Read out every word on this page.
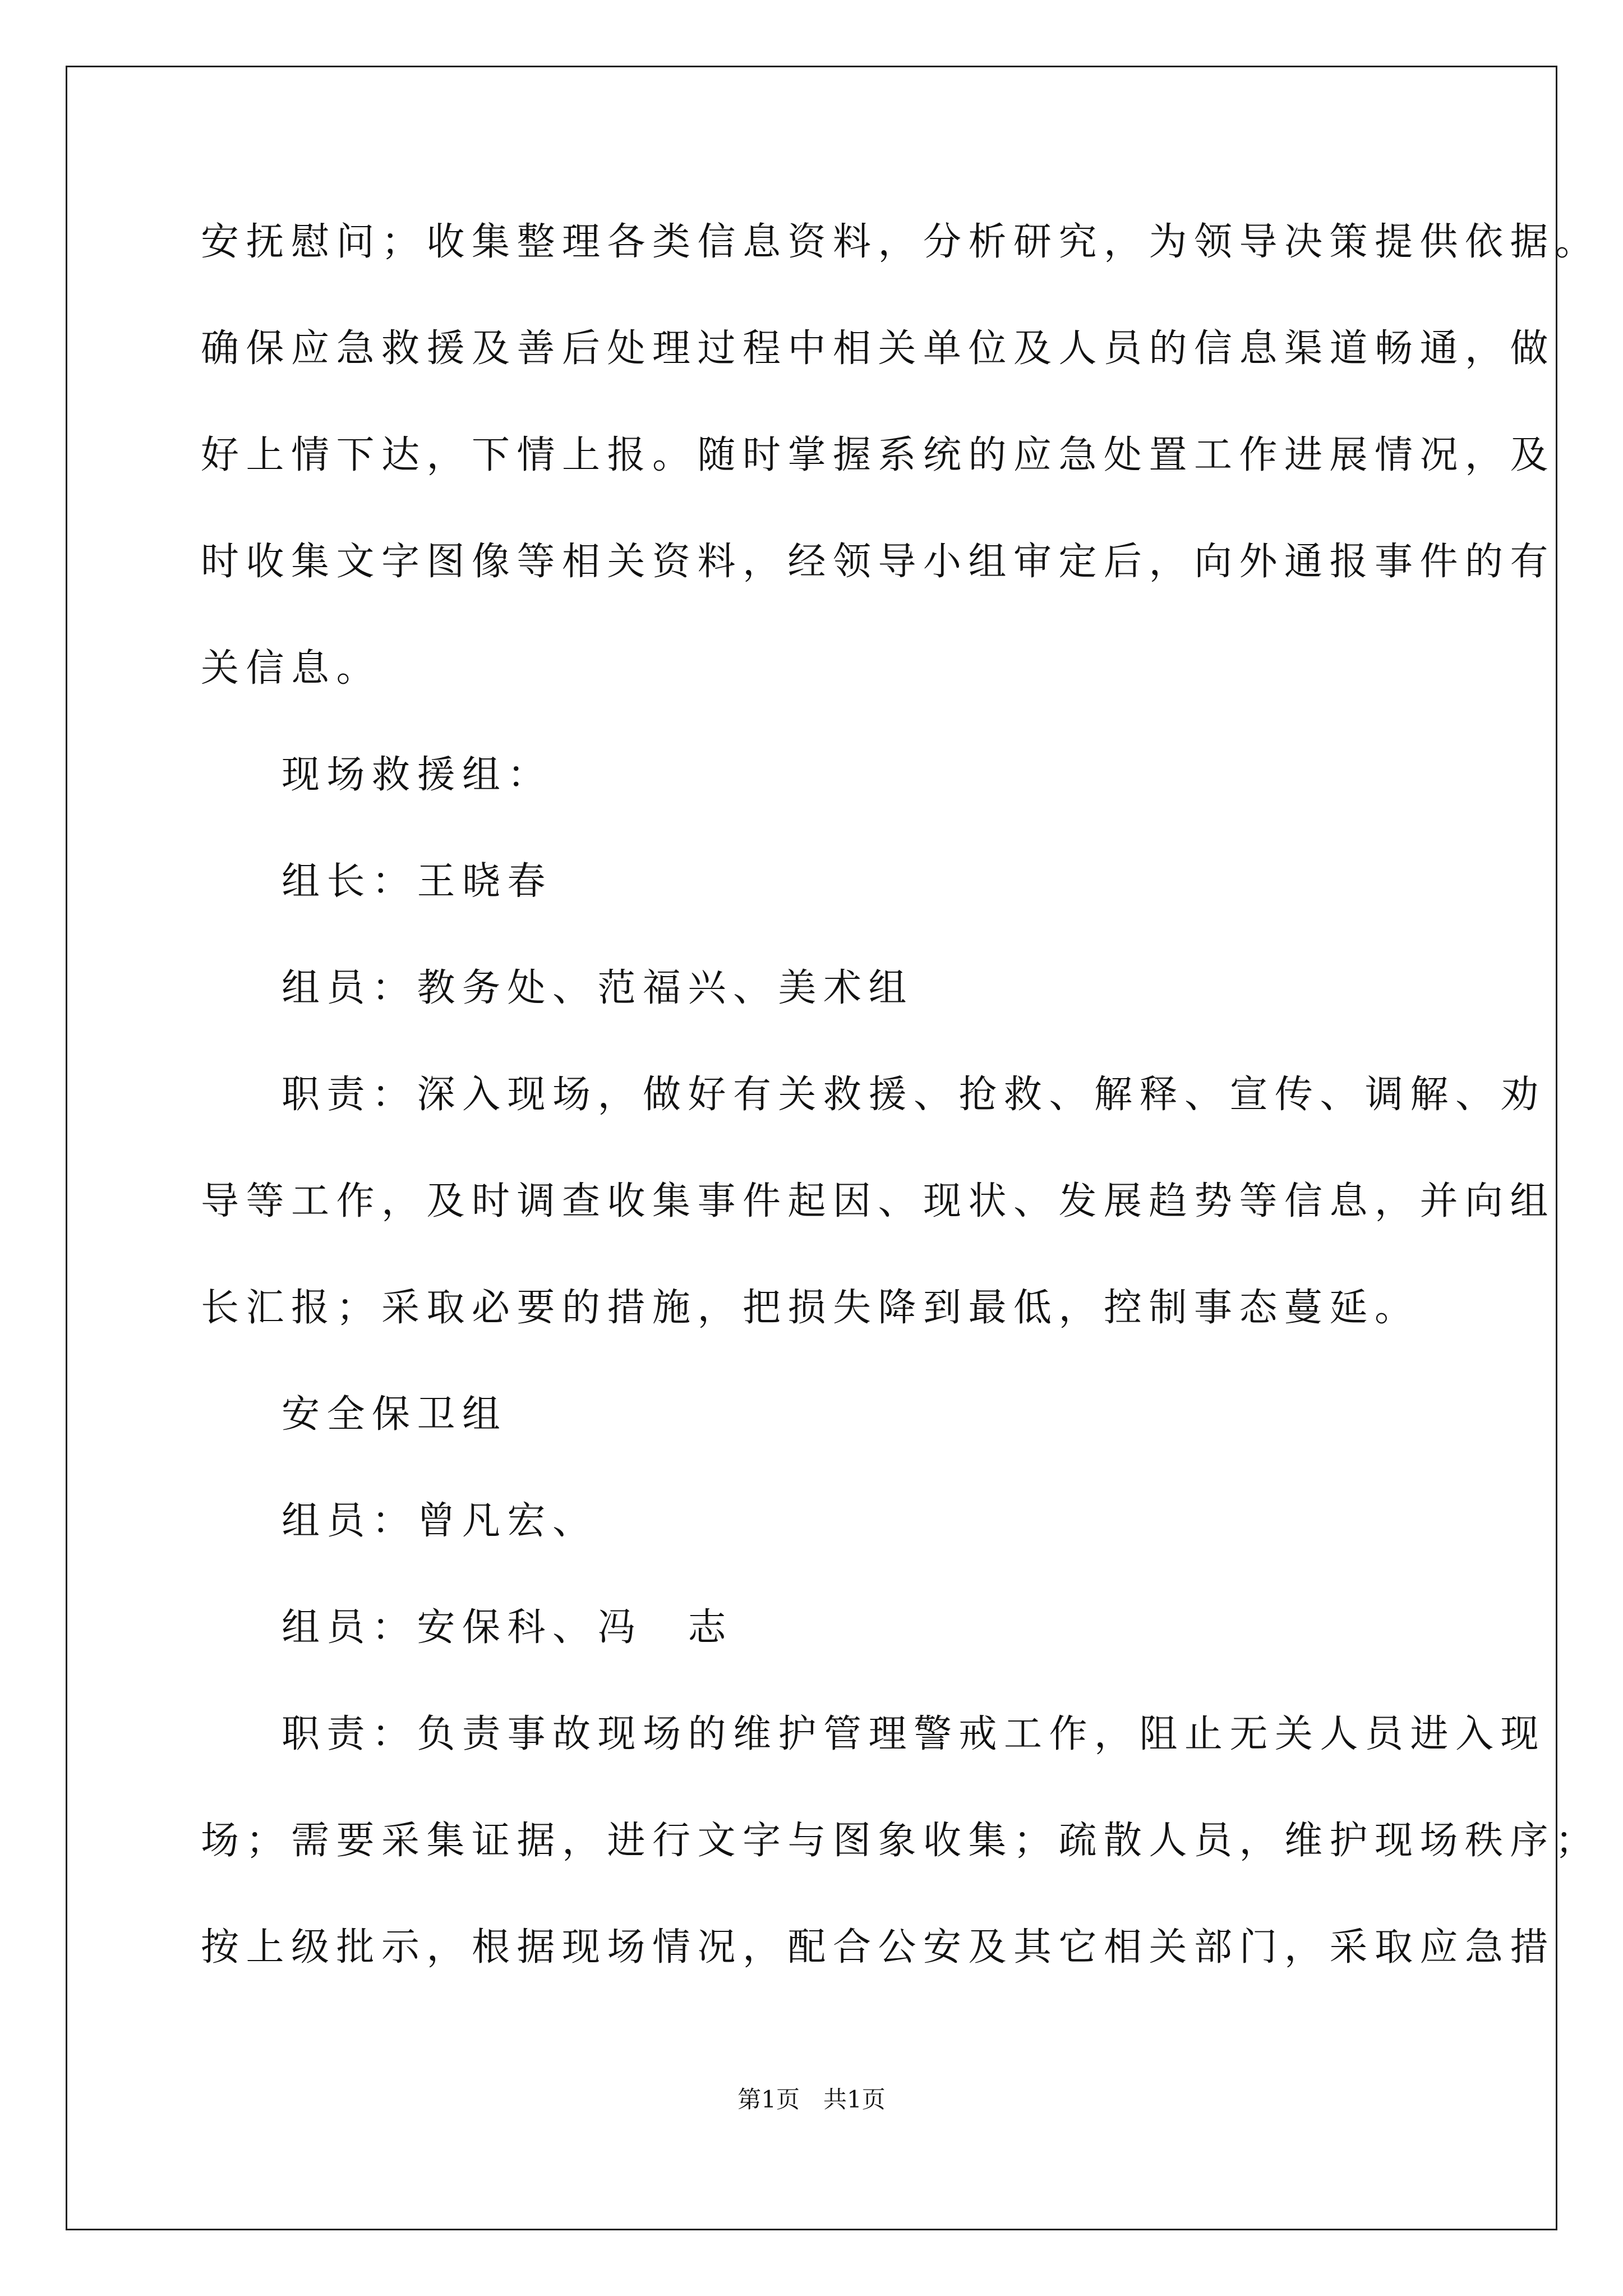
安抚慰问；收集整理各类信息资料，分析研究，为领导决策提供依据。
确保应急救援及善后处理过程中相关单位及人员的信息渠道畅通，做
好上情下达，下情上报。随时掌握系统的应急处置工作进展情况，及
时收集文字图像等相关资料，经领导小组审定后，向外通报事件的有
关信息。
现场救援组：
组长：王晓春
组员：教务处、范福兴、美术组
职责：深入现场，做好有关救援、抢救、解释、宣传、调解、劝
导等工作，及时调查收集事件起因、现状、发展趋势等信息，并向组
长汇报；采取必要的措施，把损失降到最低，控制事态蔓延。
安全保卫组
组员：曾凡宏、
组员：安保科、冯　志
职责：负责事故现场的维护管理警戒工作，阻止无关人员进入现
场；需要采集证据，进行文字与图象收集；疏散人员，维护现场秩序；
按上级批示，根据现场情况，配合公安及其它相关部门，采取应急措
第1页　共1页
